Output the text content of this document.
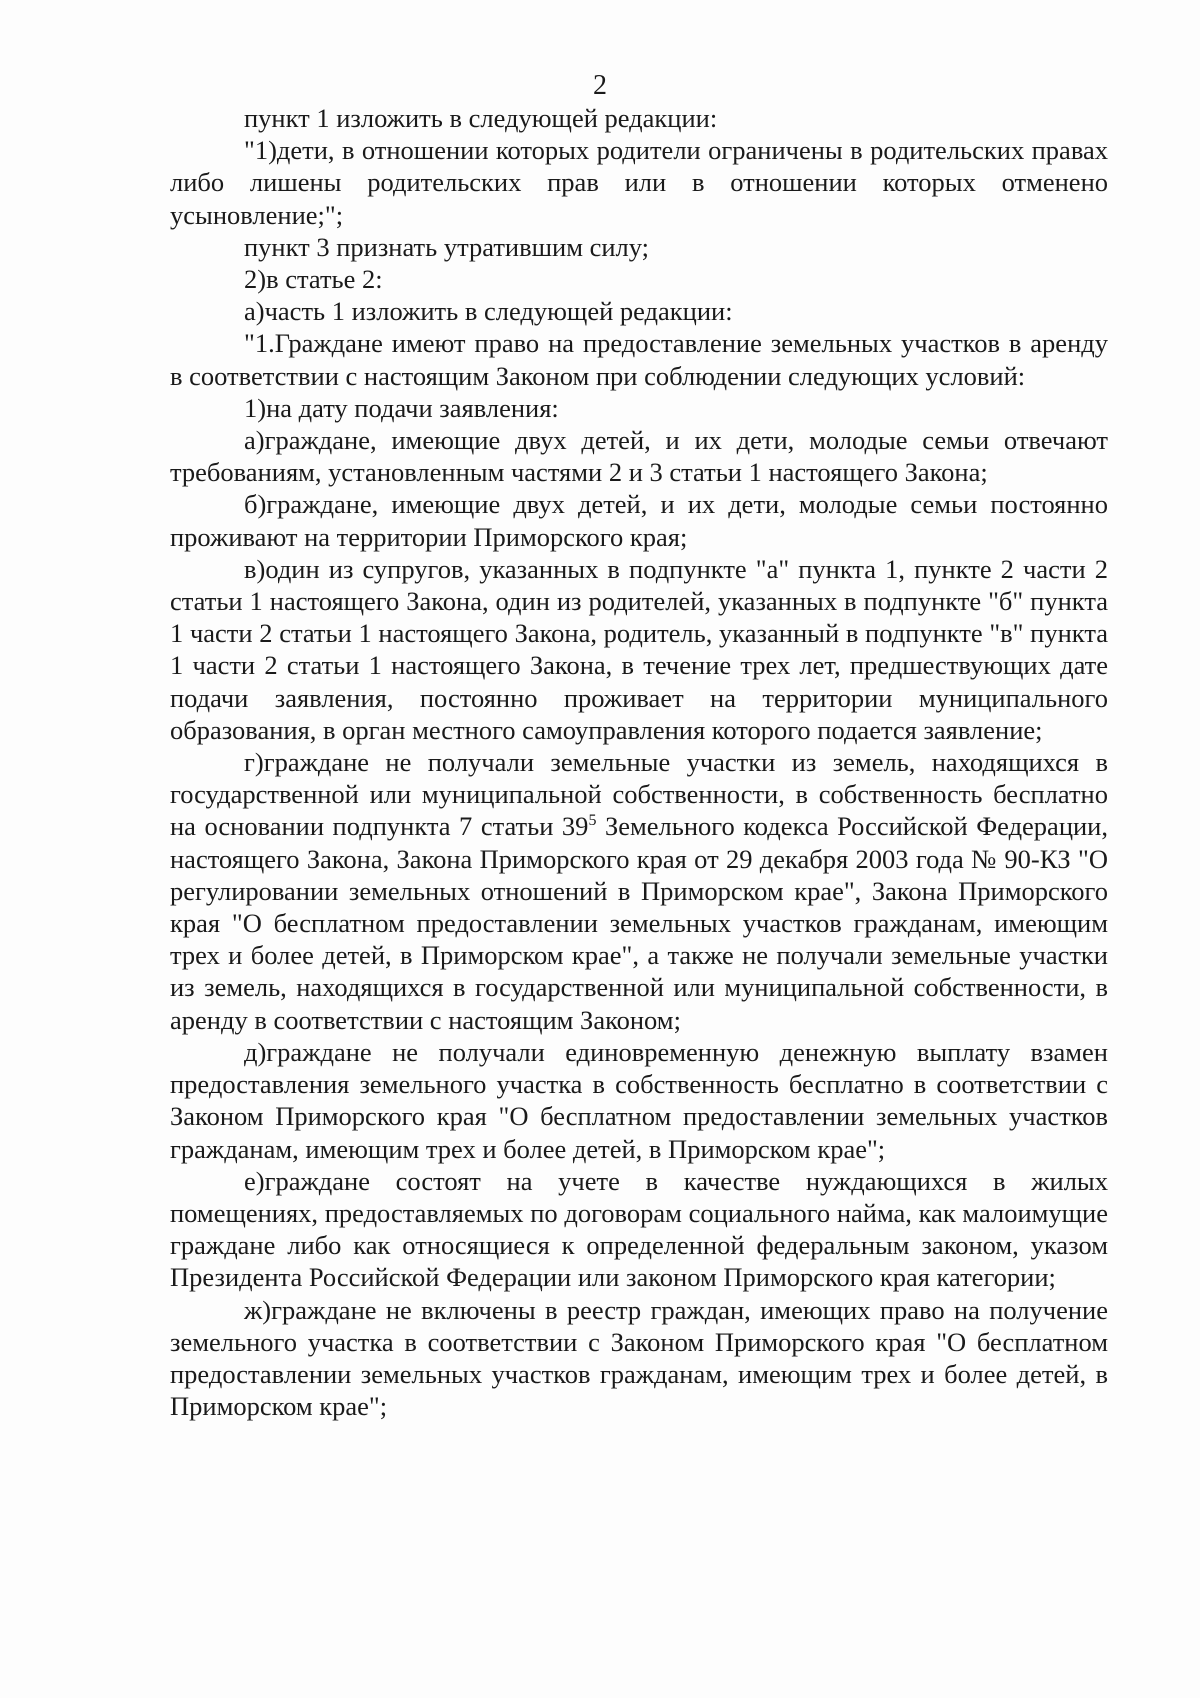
2

пункт 1 изложить в следующей редакции:

"1)дети, в отношении которых родители ограничены в родительских правах либо лишены родительских прав или в отношении которых отменено усыновление;";

пункт 3 признать утратившим силу;

2)в статье 2:

а)часть 1 изложить в следующей редакции:

"1.Граждане имеют право на предоставление земельных участков в аренду в соответствии с настоящим Законом при соблюдении следующих условий:

1)на дату подачи заявления:

а)граждане, имеющие двух детей, и их дети, молодые семьи отвечают требованиям, установленным частями 2 и 3 статьи 1 настоящего Закона;

б)граждане, имеющие двух детей, и их дети, молодые семьи постоянно проживают на территории Приморского края;

в)один из супругов, указанных в подпункте "а" пункта 1, пункте 2 части 2 статьи 1 настоящего Закона, один из родителей, указанных в подпункте "б" пункта 1 части 2 статьи 1 настоящего Закона, родитель, указанный в подпункте "в" пункта 1 части 2 статьи 1 настоящего Закона, в течение трех лет, предшествующих дате подачи заявления, постоянно проживает на территории муниципального образования, в орган местного самоуправления которого подается заявление;

г)граждане не получали земельные участки из земель, находящихся в государственной или муниципальной собственности, в собственность бесплатно на основании подпункта 7 статьи $39^5$ Земельного кодекса Российской Федерации, настоящего Закона, Закона Приморского края от 29 декабря 2003 года № 90-КЗ "О регулировании земельных отношений в Приморском крае", Закона Приморского края "О бесплатном предоставлении земельных участков гражданам, имеющим трех и более детей, в Приморском крае", а также не получали земельные участки из земель, находящихся в государственной или муниципальной собственности, в аренду в соответствии с настоящим Законом;

д)граждане не получали единовременную денежную выплату взамен предоставления земельного участка в собственность бесплатно в соответствии с Законом Приморского края "О бесплатном предоставлении земельных участков гражданам, имеющим трех и более детей, в Приморском крае";

е)граждане состоят на учете в качестве нуждающихся в жилых помещениях, предоставляемых по договорам социального найма, как малоимущие граждане либо как относящиеся к определенной федеральным законом, указом Президента Российской Федерации или законом Приморского края категории;

ж)граждане не включены в реестр граждан, имеющих право на получение земельного участка в соответствии с Законом Приморского края "О бесплатном предоставлении земельных участков гражданам, имеющим трех и более детей, в Приморском крае";
